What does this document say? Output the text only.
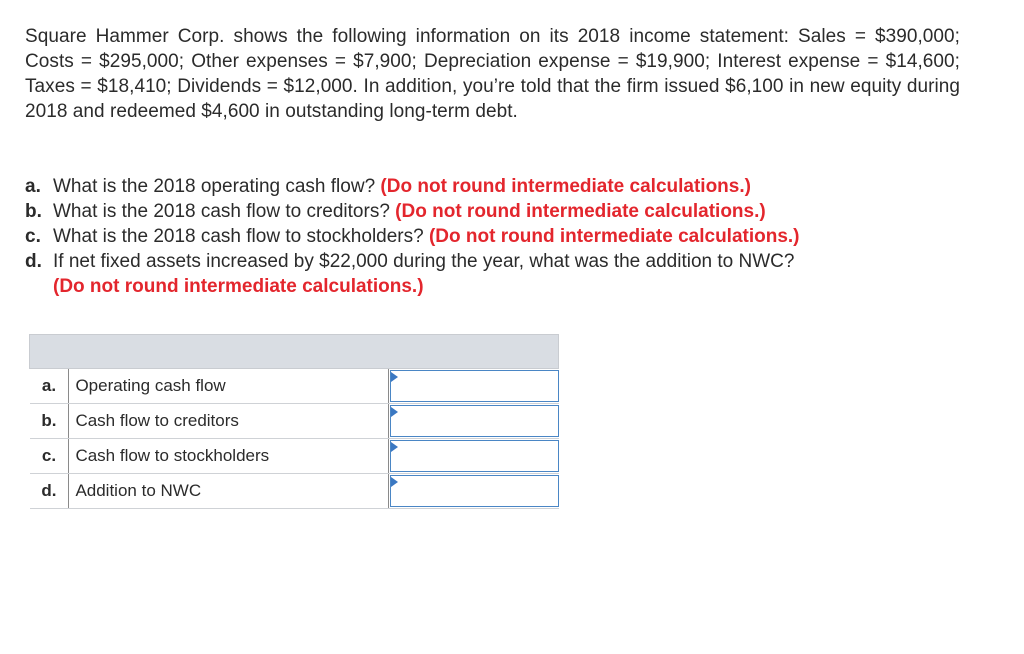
Square Hammer Corp. shows the following information on its 2018 income statement: Sales = $390,000; Costs = $295,000; Other expenses = $7,900; Depreciation expense = $19,900; Interest expense = $14,600; Taxes = $18,410; Dividends = $12,000. In addition, you’re told that the firm issued $6,100 in new equity during 2018 and redeemed $4,600 in outstanding long-term debt.

a. What is the 2018 operating cash flow? (Do not round intermediate calculations.)
b. What is the 2018 cash flow to creditors? (Do not round intermediate calculations.)
c. What is the 2018 cash flow to stockholders? (Do not round intermediate calculations.)
d. If net fixed assets increased by $22,000 during the year, what was the addition to NWC?
(Do not round intermediate calculations.)

a.	Operating cash flow	

b.	Cash flow to creditors	

c.	Cash flow to stockholders	

d.	Addition to NWC	
